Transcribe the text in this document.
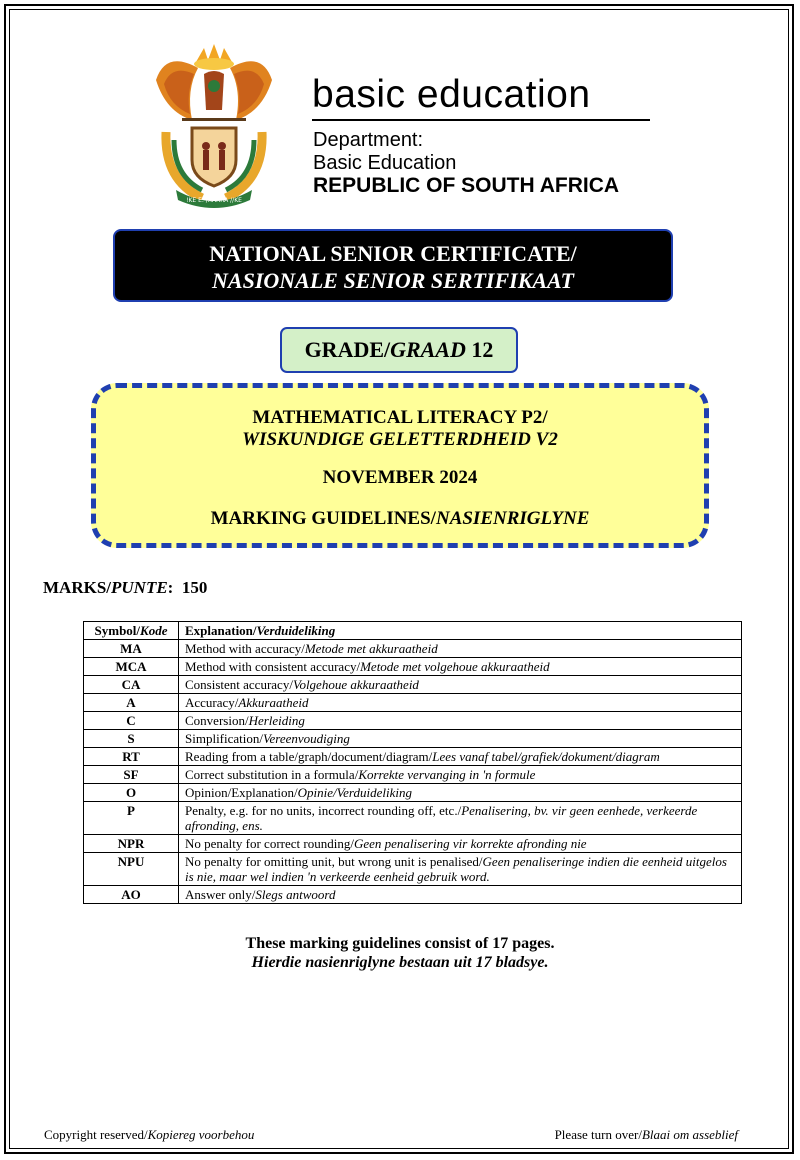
!KE E: /XARRA //KE
basic education
Department:
Basic Education
REPUBLIC OF SOUTH AFRICA
NATIONAL SENIOR CERTIFICATE/
NASIONALE SENIOR SERTIFIKAAT
GRADE/GRAAD 12
MATHEMATICAL LITERACY P2/
WISKUNDIGE GELETTERDHEID V2
NOVEMBER 2024
MARKING GUIDELINES/NASIENRIGLYNE
MARKS/PUNTE:  150
Symbol/Kode	Explanation/Verduideliking
MA	Method with accuracy/Metode met akkuraatheid
MCA	Method with consistent accuracy/Metode met volgehoue akkuraatheid
CA	Consistent accuracy/Volgehoue akkuraatheid
A	Accuracy/Akkuraatheid
C	Conversion/Herleiding
S	Simplification/Vereenvoudiging
RT	Reading from a table/graph/document/diagram/Lees vanaf tabel/grafiek/dokument/diagram
SF	Correct substitution in a formula/Korrekte vervanging in 'n formule
O	Opinion/Explanation/Opinie/Verduideliking
P	Penalty, e.g. for no units, incorrect rounding off, etc./Penalisering, bv. vir geen eenhede, verkeerde afronding, ens.
NPR	No penalty for correct rounding/Geen penalisering vir korrekte afronding nie
NPU	No penalty for omitting unit, but wrong unit is penalised/Geen penaliseringe indien die eenheid uitgelos is nie, maar wel indien 'n verkeerde eenheid gebruik word.
AO	Answer only/Slegs antwoord
These marking guidelines consist of 17 pages.
Hierdie nasienriglyne bestaan uit 17 bladsye.
Copyright reserved/Kopiereg voorbehou	Please turn over/Blaai om asseblief
